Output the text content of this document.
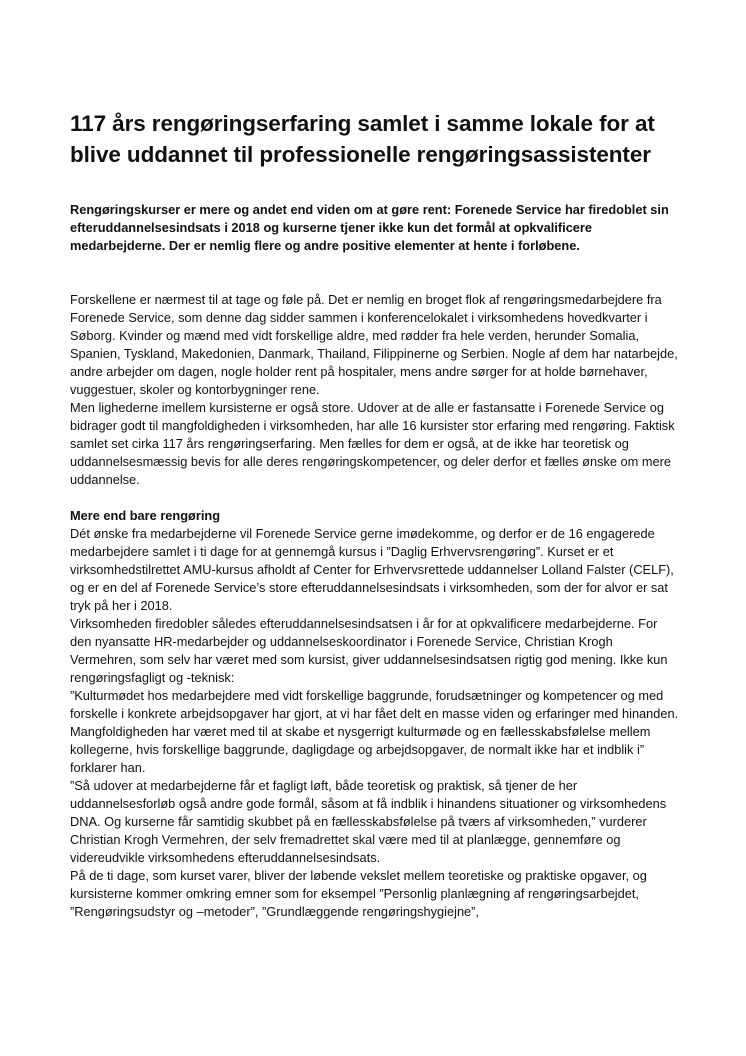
117 års rengøringserfaring samlet i samme lokale for at blive uddannet til professionelle rengøringsassistenter

Rengøringskurser er mere og andet end viden om at gøre rent: Forenede Service har firedoblet sin efteruddannelsesindsats i 2018 og kurserne tjener ikke kun det formål at opkvalificere medarbejderne. Der er nemlig flere og andre positive elementer at hente i forløbene.

Forskellene er nærmest til at tage og føle på. Det er nemlig en broget flok af rengøringsmedarbejdere fra Forenede Service, som denne dag sidder sammen i konferencelokalet i virksomhedens hovedkvarter i Søborg. Kvinder og mænd med vidt forskellige aldre, med rødder fra hele verden, herunder Somalia, Spanien, Tyskland, Makedonien, Danmark, Thailand, Filippinerne og Serbien. Nogle af dem har natarbejde, andre arbejder om dagen, nogle holder rent på hospitaler, mens andre sørger for at holde børnehaver, vuggestuer, skoler og kontorbygninger rene.

Men lighederne imellem kursisterne er også store. Udover at de alle er fastansatte i Forenede Service og bidrager godt til mangfoldigheden i virksomheden, har alle 16 kursister stor erfaring med rengøring. Faktisk samlet set cirka 117 års rengøringserfaring. Men fælles for dem er også, at de ikke har teoretisk og uddannelsesmæssig bevis for alle deres rengøringskompetencer, og deler derfor et fælles ønske om mere uddannelse.

Mere end bare rengøring

Dét ønske fra medarbejderne vil Forenede Service gerne imødekomme, og derfor er de 16 engagerede medarbejdere samlet i ti dage for at gennemgå kursus i ”Daglig Erhvervsrengøring”. Kurset er et virksomhedstilrettet AMU-kursus afholdt af Center for Erhvervsrettede uddannelser Lolland Falster (CELF), og er en del af Forenede Service’s store efteruddannelsesindsats i virksomheden, som der for alvor er sat tryk på her i 2018.

Virksomheden firedobler således efteruddannelsesindsatsen i år for at opkvalificere medarbejderne. For den nyansatte HR-medarbejder og uddannelseskoordinator i Forenede Service, Christian Krogh Vermehren, som selv har været med som kursist, giver uddannelsesindsatsen rigtig god mening. Ikke kun rengøringsfagligt og -teknisk:

”Kulturmødet hos medarbejdere med vidt forskellige baggrunde, forudsætninger og kompetencer og med forskelle i konkrete arbejdsopgaver har gjort, at vi har fået delt en masse viden og erfaringer med hinanden. Mangfoldigheden har været med til at skabe et nysgerrigt kulturmøde og en fællesskabsfølelse mellem kollegerne, hvis forskellige baggrunde, dagligdage og arbejdsopgaver, de normalt ikke har et indblik i” forklarer han.

”Så udover at medarbejderne får et fagligt løft, både teoretisk og praktisk, så tjener de her uddannelsesforløb også andre gode formål, såsom at få indblik i hinandens situationer og virksomhedens DNA. Og kurserne får samtidig skubbet på en fællesskabsfølelse på tværs af virksomheden,” vurderer Christian Krogh Vermehren, der selv fremadrettet skal være med til at planlægge, gennemføre og videreudvikle virksomhedens efteruddannelsesindsats.

På de ti dage, som kurset varer, bliver der løbende vekslet mellem teoretiske og praktiske opgaver, og kursisterne kommer omkring emner som for eksempel ”Personlig planlægning af rengøringsarbejdet, ”Rengøringsudstyr og –metoder”, ”Grundlæggende rengøringshygiejne”,
